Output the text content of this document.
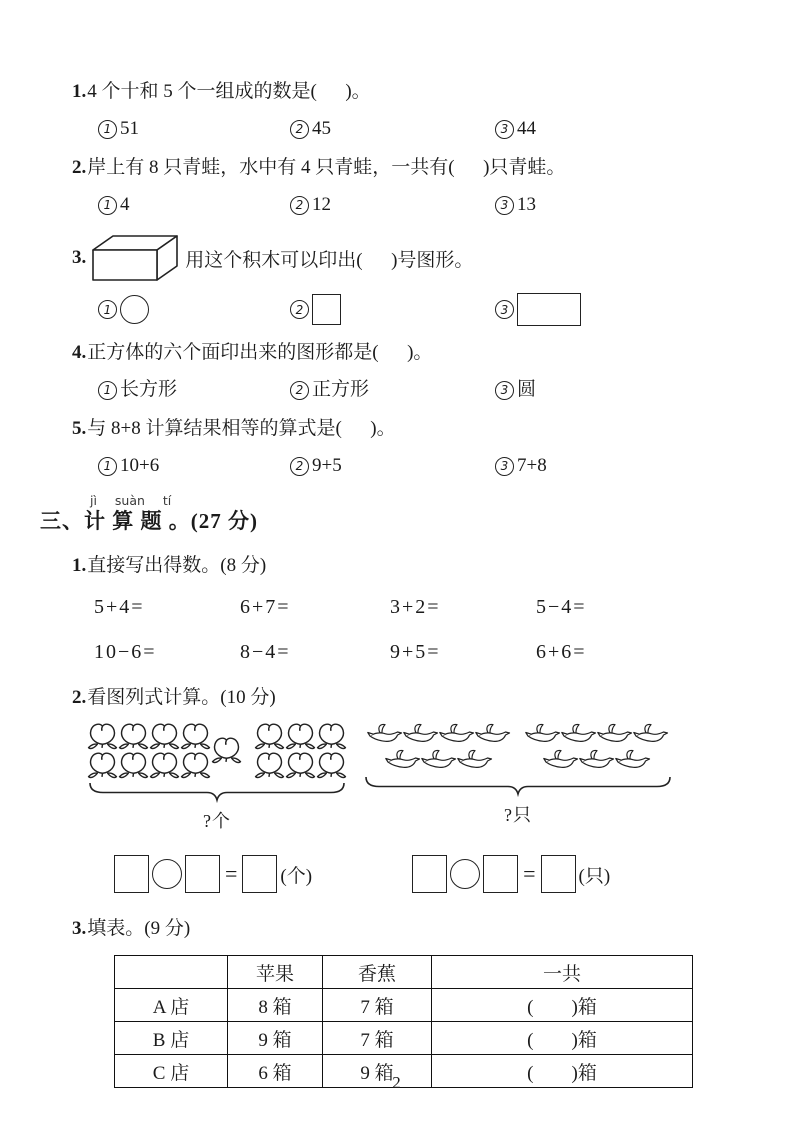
1. 4 个十和 5 个一组成的数是(      )。
1 51	2 45	3 44
2. 岸上有 8 只青蛙，水中有 4 只青蛙，一共有(      )只青蛙。
1 4	2 12	3 13
3.	用这个积木可以印出(      )号图形。
1	2	3
4. 正方体的六个面印出来的图形都是(      )。
1 长方形	2 正方形	3 圆
5. 与 8+8 计算结果相等的算式是(      )。
1 10+6	2 9+5	3 7+8
jì suàn tí
三、计 算 题 。(27 分)
1. 直接写出得数。(8 分)
5+4=	6+7=	3+2=	5−4=
10−6=	8−4=	9+5=	6+6=
2. 看图列式计算。(10 分)
?个	?只
= (个)	= (只)
3. 填表。(9 分)
	苹果	香蕉	一共
A 店	8 箱	7 箱	(        )箱
B 店	9 箱	7 箱	(        )箱
C 店	6 箱	9 箱	(        )箱
2
